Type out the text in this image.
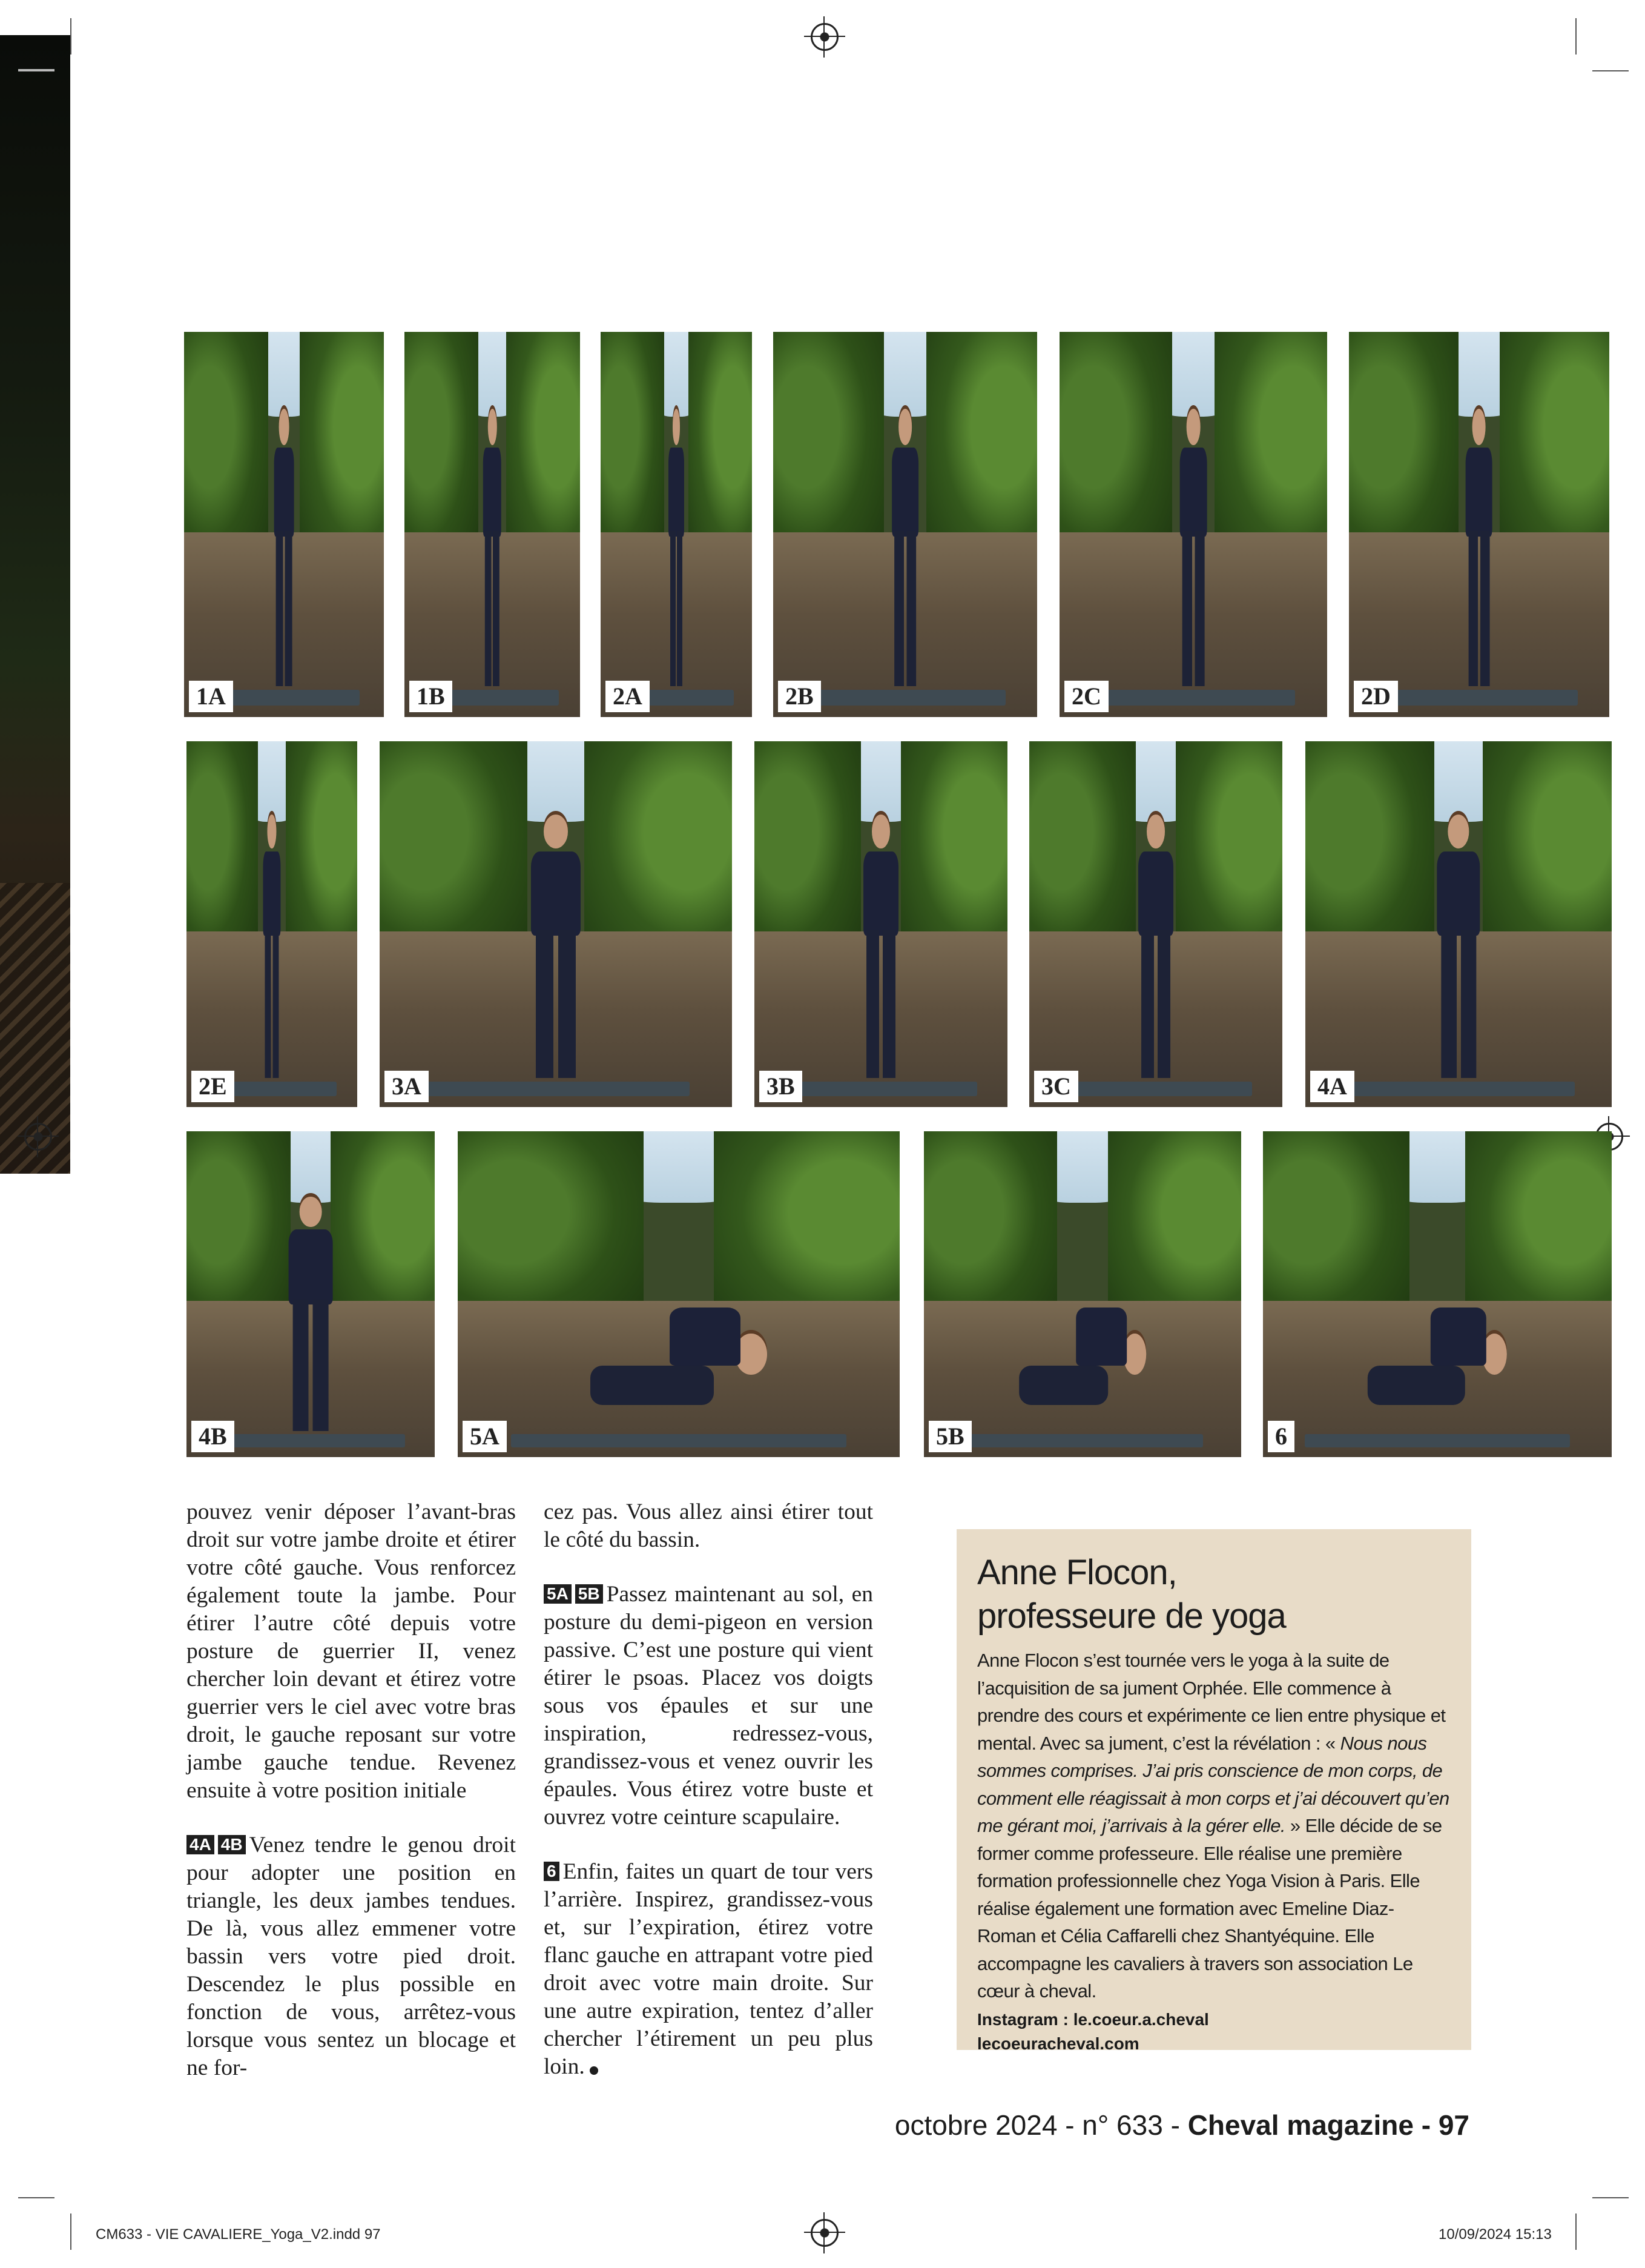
1A	1B	2A	2B	2C	2D
2E	3A	3B	3C	4A
4B	5A	5B	6

pouvez venir déposer l’avant-bras droit sur votre jambe droite et étirer votre côté gauche. Vous renforcez également toute la jambe. Pour étirer l’autre côté depuis votre posture de guerrier II, venez chercher loin devant et étirez votre guerrier vers le ciel avec votre bras droit, le gauche reposant sur votre jambe gauche tendue. Revenez ensuite à votre position initiale

4A 4B Venez tendre le genou droit pour adopter une position en triangle, les deux jambes tendues. De là, vous allez emmener votre bassin vers votre pied droit. Descendez le plus possible en fonction de vous, arrêtez-vous lorsque vous sentez un blocage et ne for-

cez pas. Vous allez ainsi étirer tout le côté du bassin.

5A 5B Passez maintenant au sol, en posture du demi-pigeon en version passive. C’est une posture qui vient étirer le psoas. Placez vos doigts sous vos épaules et sur une inspiration, redressez-vous, grandissez-vous et venez ouvrir les épaules. Vous étirez votre buste et ouvrez votre ceinture scapulaire.

6 Enfin, faites un quart de tour vers l’arrière. Inspirez, grandissez-vous et, sur l’expiration, étirez votre flanc gauche en attrapant votre pied droit avec votre main droite. Sur une autre expiration, tentez d’aller chercher l’étirement un peu plus loin.

Anne Flocon,
professeure de yoga
Anne Flocon s’est tournée vers le yoga à la suite de l’acquisition de sa jument Orphée. Elle commence à prendre des cours et expérimente ce lien entre physique et mental. Avec sa jument, c’est la révélation : « Nous nous sommes comprises. J’ai pris conscience de mon corps, de comment elle réagissait à mon corps et j’ai découvert qu’en me gérant moi, j’arrivais à la gérer elle. » Elle décide de se former comme professeure. Elle réalise une première formation professionnelle chez Yoga Vision à Paris. Elle réalise également une formation avec Emeline Diaz-Roman et Célia Caffarelli chez Shantyéquine. Elle accompagne les cavaliers à travers son association Le cœur à cheval.
Instagram : le.coeur.a.cheval
lecoeuracheval.com
octobre 2024 - n° 633 - Cheval magazine - 97
CM633 - VIE CAVALIERE_Yoga_V2.indd 97	10/09/2024 15:13
